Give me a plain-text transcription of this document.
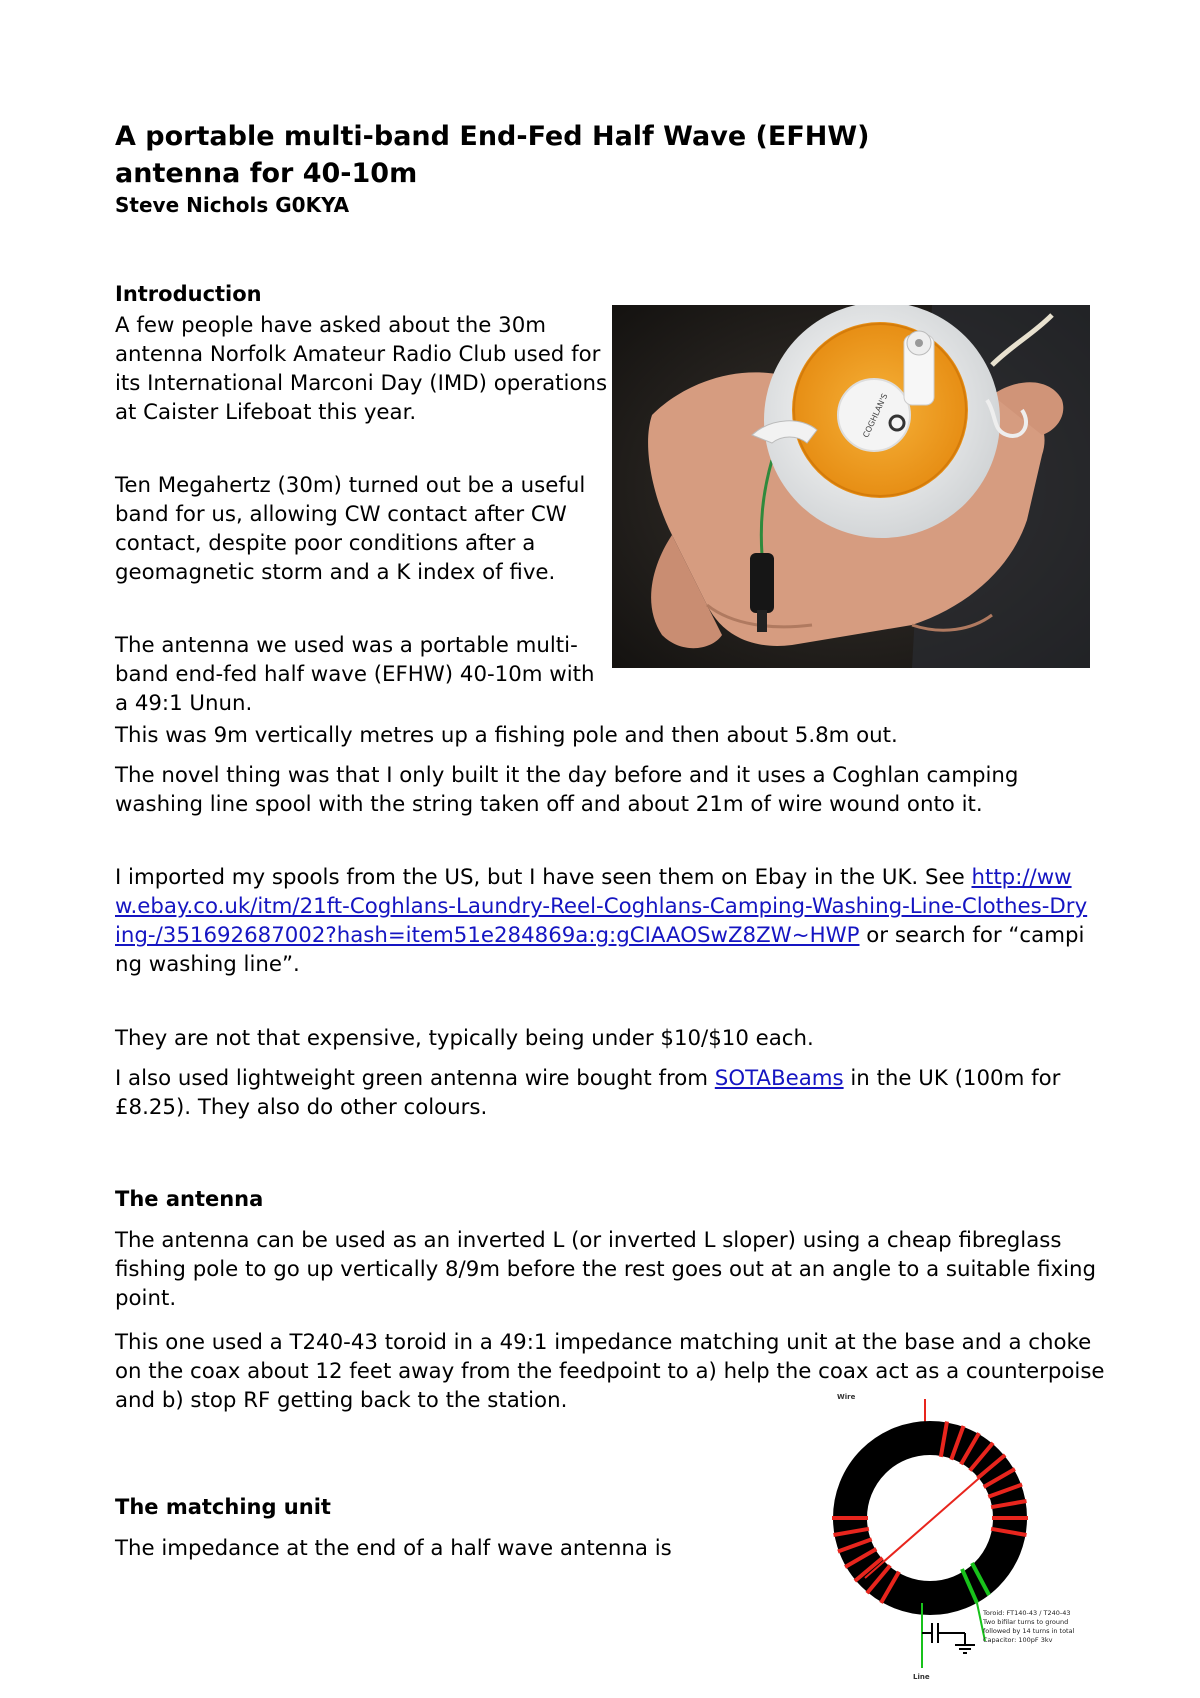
A portable multi-band End-Fed Half Wave (EFHW) antenna for 40-10m

Steve Nichols G0KYA

Introduction

A few people have asked about the 30m antenna Norfolk Amateur Radio Club used for its International Marconi Day (IMD) operations at Caister Lifeboat this year.

Ten Megahertz (30m) turned out be a useful band for us, allowing CW contact after CW contact, despite poor conditions after a geomagnetic storm and a K index of five.

The antenna we used was a portable multi-band end-fed half wave (EFHW) 40-10m with a 49:1 Unun.

COGHLAN'S

This was 9m vertically metres up a fishing pole and then about 5.8m out.

The novel thing was that I only built it the day before and it uses a Coghlan camping washing line spool with the string taken off and about 21m of wire wound onto it.

I imported my spools from the US, but I have seen them on Ebay in the UK. See http://www.ebay.co.uk/itm/21ft-Coghlans-Laundry-Reel-Coghlans-Camping-Washing-Line-Clothes-Drying-/351692687002?hash=item51e284869a:g:gCIAAOSwZ8ZW~HWP or search for “camping washing line”.

They are not that expensive, typically being under $10/$10 each.

I also used lightweight green antenna wire bought from SOTABeams in the UK (100m for £8.25). They also do other colours.

The antenna

The antenna can be used as an inverted L (or inverted L sloper) using a cheap fibreglass fishing pole to go up vertically 8/9m before the rest goes out at an angle to a suitable fixing point.

This one used a T240-43 toroid in a 49:1 impedance matching unit at the base and a choke on the coax about 12 feet away from the feedpoint to a) help the coax act as a counterpoise and b) stop RF getting back to the station.

The matching unit

The impedance at the end of a half wave antenna is

Wire
Line
Toroid: FT140-43 / T240-43
Two bifilar turns to ground
followed by 14 turns in total
Capacitor: 100pF 3kv
